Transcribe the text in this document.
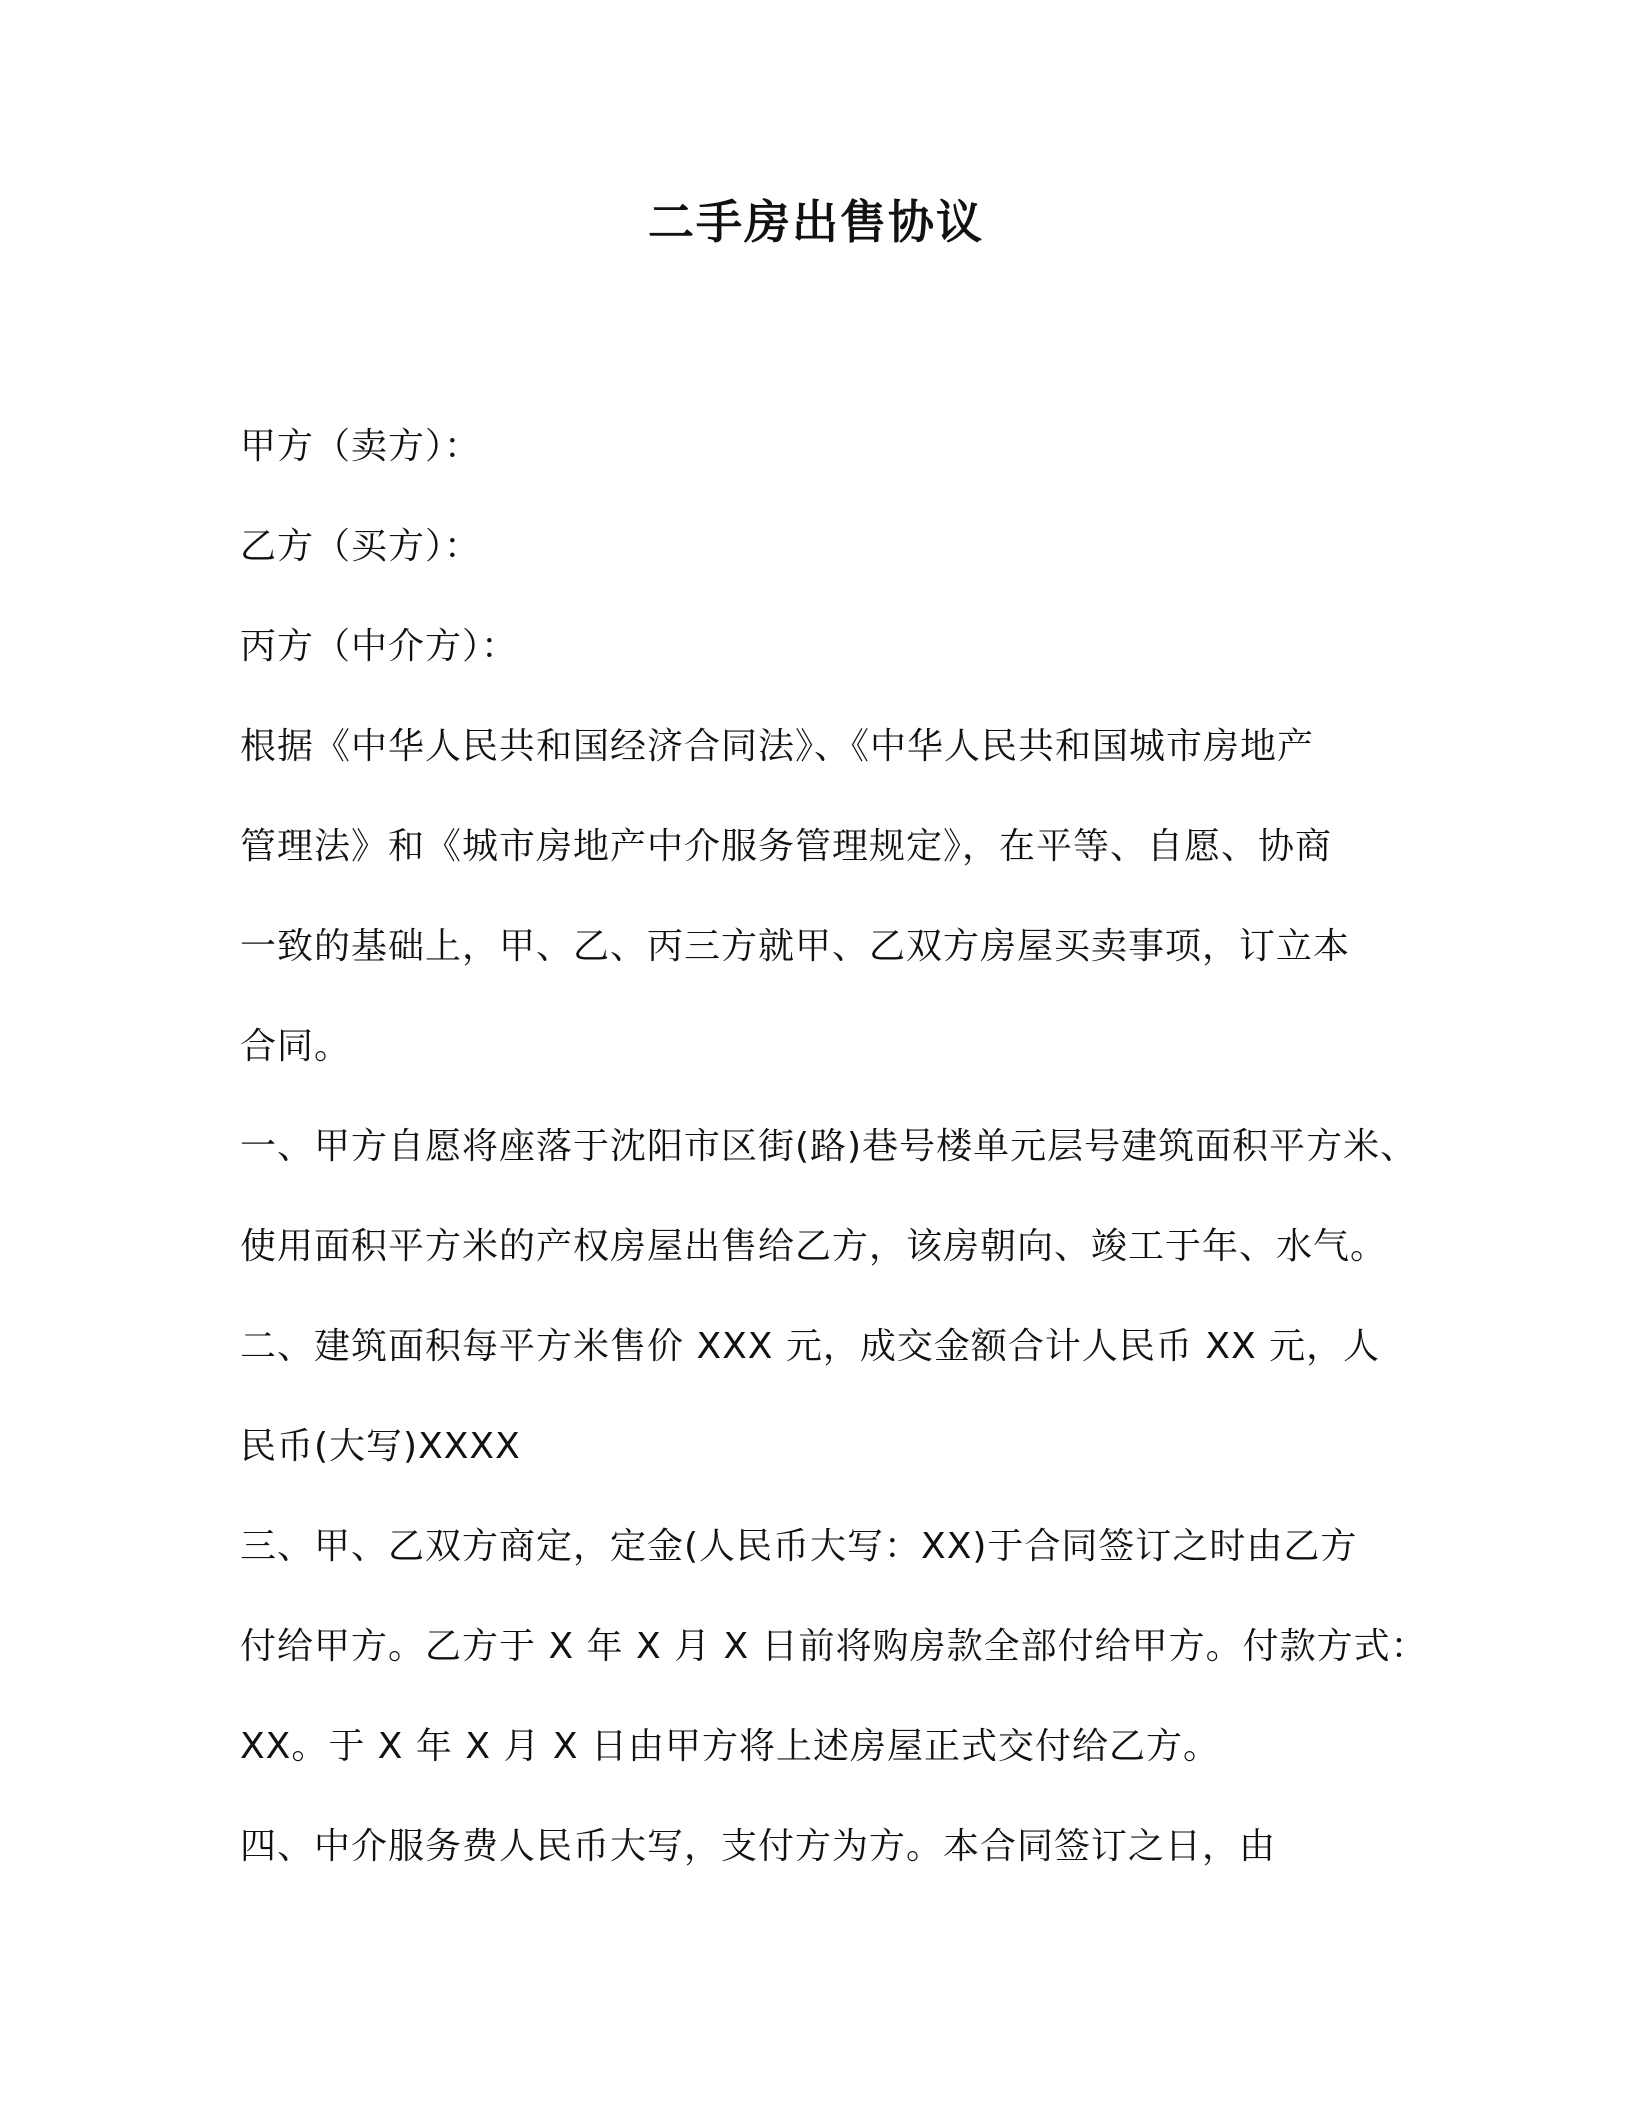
二手房出售协议
甲方（卖方）：
乙方（买方）：
丙方（中介方）：
根据《中华人民共和国经济合同法》、《中华人民共和国城市房地产
管理法》和《城市房地产中介服务管理规定》，在平等、自愿、协商
一致的基础上，甲、乙、丙三方就甲、乙双方房屋买卖事项，订立本
合同。
一、甲方自愿将座落于沈阳市区街(路)巷号楼单元层号建筑面积平方米、
使用面积平方米的产权房屋出售给乙方，该房朝向、竣工于年、水气。
二、建筑面积每平方米售价 XXX 元，成交金额合计人民币 XX 元，人
民币(大写)XXXX
三、甲、乙双方商定，定金(人民币大写：XX)于合同签订之时由乙方
付给甲方。乙方于 X 年 X 月 X 日前将购房款全部付给甲方。付款方式：
XX。于 X 年 X 月 X 日由甲方将上述房屋正式交付给乙方。
四、中介服务费人民币大写，支付方为方。本合同签订之日，由
